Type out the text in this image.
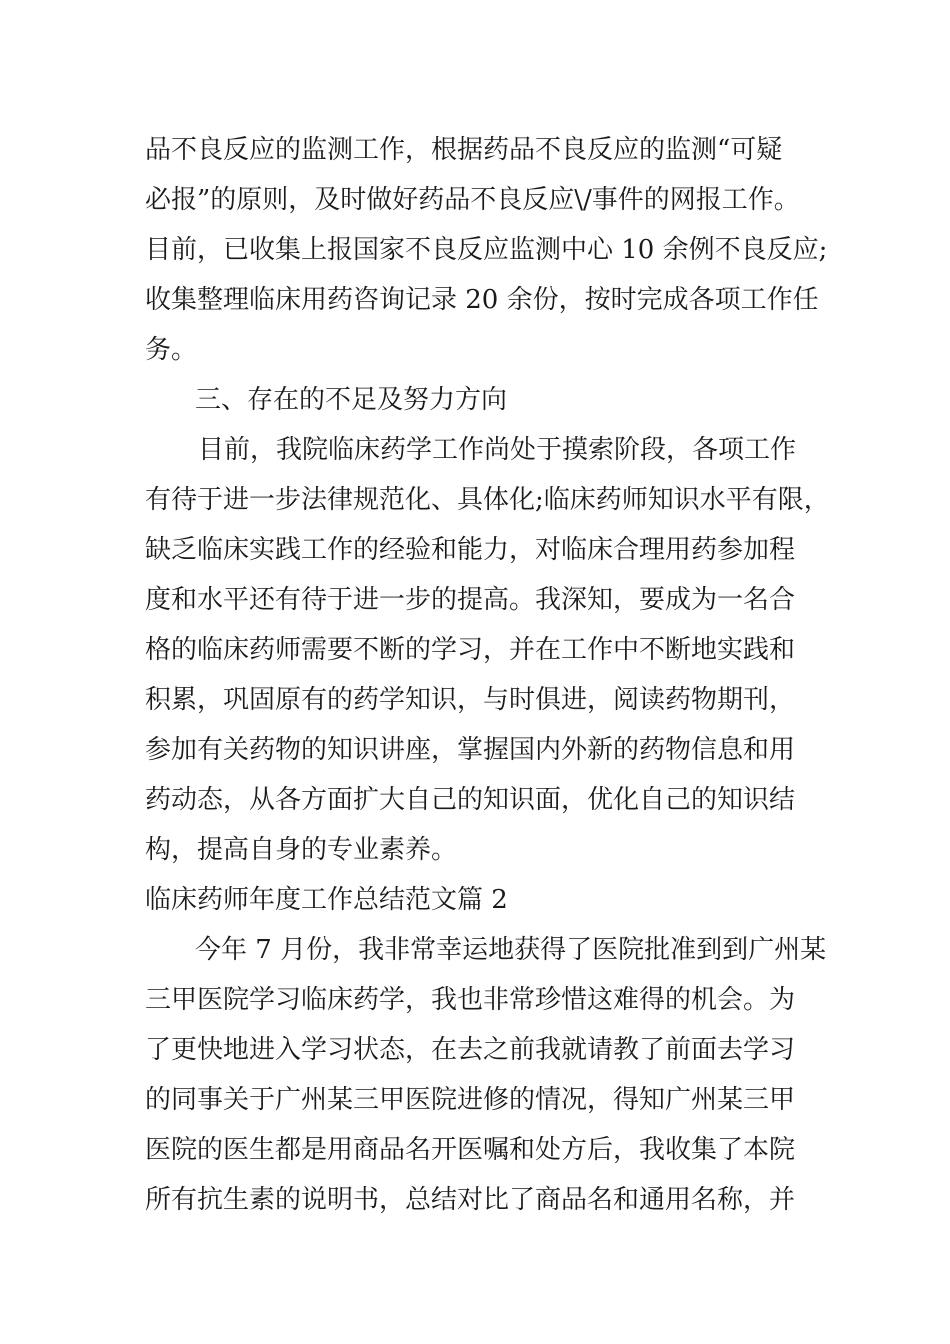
品不良反应的监测工作，根据药品不良反应的监测“可疑
必报”的原则，及时做好药品不良反应\/事件的网报工作。
目前，已收集上报国家不良反应监测中心 10 余例不良反应;
收集整理临床用药咨询记录 20 余份，按时完成各项工作任
务。
三、存在的不足及努力方向
目前，我院临床药学工作尚处于摸索阶段，各项工作
有待于进一步法律规范化、具体化;临床药师知识水平有限，
缺乏临床实践工作的经验和能力，对临床合理用药参加程
度和水平还有待于进一步的提高。我深知，要成为一名合
格的临床药师需要不断的学习，并在工作中不断地实践和
积累，巩固原有的药学知识，与时俱进，阅读药物期刊，
参加有关药物的知识讲座，掌握国内外新的药物信息和用
药动态，从各方面扩大自己的知识面，优化自己的知识结
构，提高自身的专业素养。
临床药师年度工作总结范文篇 2
今年 7 月份，我非常幸运地获得了医院批准到到广州某
三甲医院学习临床药学，我也非常珍惜这难得的机会。为
了更快地进入学习状态，在去之前我就请教了前面去学习
的同事关于广州某三甲医院进修的情况，得知广州某三甲
医院的医生都是用商品名开医嘱和处方后，我收集了本院
所有抗生素的说明书，总结对比了商品名和通用名称，并
